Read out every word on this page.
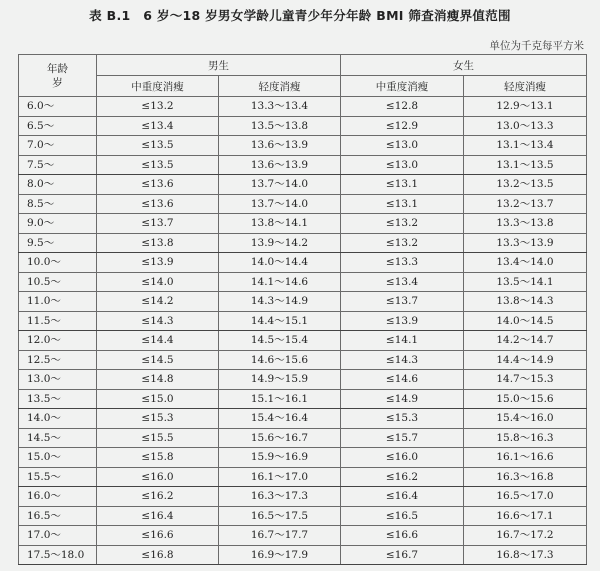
表 B.1　6 岁～18 岁男女学龄儿童青少年分年龄 BMI 筛查消瘦界值范围
单位为千克每平方米
年龄
岁	男生		女生	
	中重度消瘦	轻度消瘦	中重度消瘦	轻度消瘦
6.0～	≤13.2	13.3～13.4	≤12.8	12.9～13.1
6.5～	≤13.4	13.5～13.8	≤12.9	13.0～13.3
7.0～	≤13.5	13.6～13.9	≤13.0	13.1～13.4
7.5～	≤13.5	13.6～13.9	≤13.0	13.1～13.5
8.0～	≤13.6	13.7～14.0	≤13.1	13.2～13.5
8.5～	≤13.6	13.7～14.0	≤13.1	13.2～13.7
9.0～	≤13.7	13.8～14.1	≤13.2	13.3～13.8
9.5～	≤13.8	13.9～14.2	≤13.2	13.3～13.9
10.0～	≤13.9	14.0～14.4	≤13.3	13.4～14.0
10.5～	≤14.0	14.1～14.6	≤13.4	13.5～14.1
11.0～	≤14.2	14.3～14.9	≤13.7	13.8～14.3
11.5～	≤14.3	14.4～15.1	≤13.9	14.0～14.5
12.0～	≤14.4	14.5～15.4	≤14.1	14.2～14.7
12.5～	≤14.5	14.6～15.6	≤14.3	14.4～14.9
13.0～	≤14.8	14.9～15.9	≤14.6	14.7～15.3
13.5～	≤15.0	15.1～16.1	≤14.9	15.0～15.6
14.0～	≤15.3	15.4～16.4	≤15.3	15.4～16.0
14.5～	≤15.5	15.6～16.7	≤15.7	15.8～16.3
15.0～	≤15.8	15.9～16.9	≤16.0	16.1～16.6
15.5～	≤16.0	16.1～17.0	≤16.2	16.3～16.8
16.0～	≤16.2	16.3～17.3	≤16.4	16.5～17.0
16.5～	≤16.4	16.5～17.5	≤16.5	16.6～17.1
17.0～	≤16.6	16.7～17.7	≤16.6	16.7～17.2
17.5～18.0	≤16.8	16.9～17.9	≤16.7	16.8～17.3
